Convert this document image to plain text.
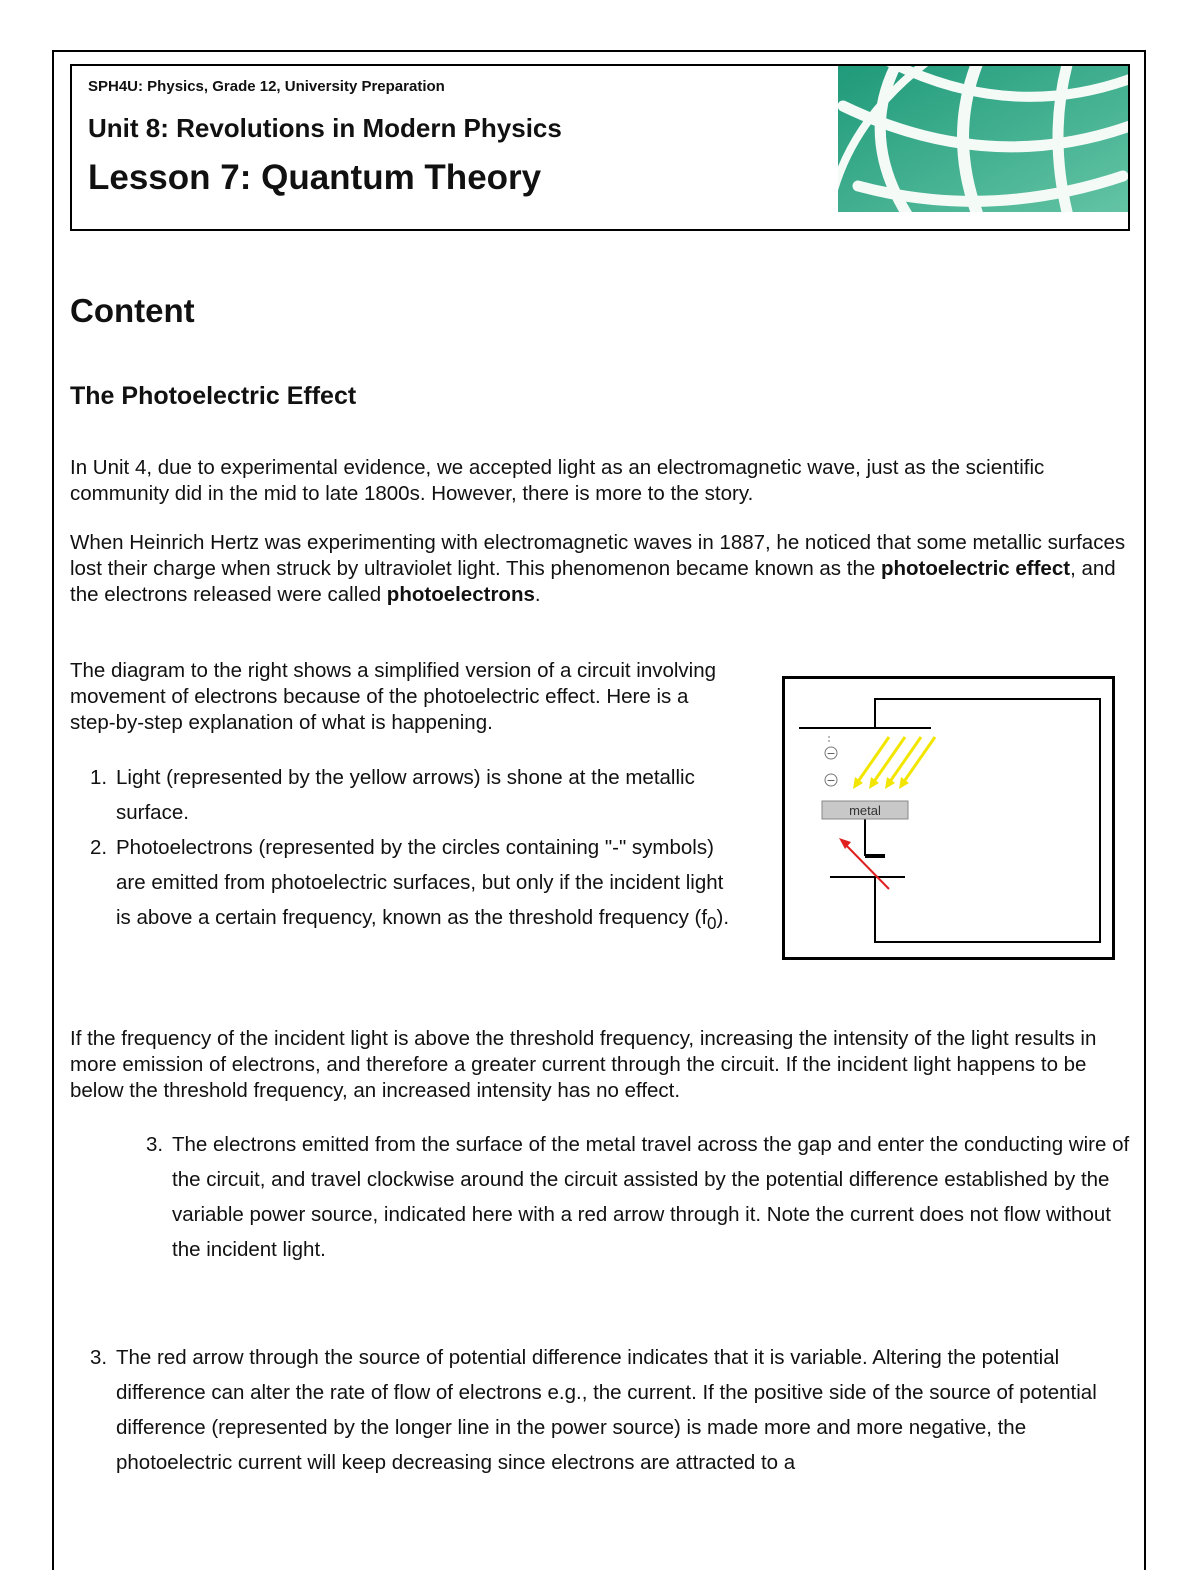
SPH4U: Physics, Grade 12, University Preparation
Unit 8: Revolutions in Modern Physics
Lesson 7: Quantum Theory
Content
The Photoelectric Effect

In Unit 4, due to experimental evidence, we accepted light as an electromagnetic wave, just as the scientific community did in the mid to late 1800s. However, there is more to the story.

When Heinrich Hertz was experimenting with electromagnetic waves in 1887, he noticed that some metallic surfaces lost their charge when struck by ultraviolet light. This phenomenon became known as the photoelectric effect, and the electrons released were called photoelectrons.

The diagram to the right shows a simplified version of a circuit involving movement of electrons because of the photoelectric effect. Here is a step-by-step explanation of what is happening.

1. Light (represented by the yellow arrows) is shone at the metallic surface.
2. Photoelectrons (represented by the circles containing "-" symbols) are emitted from photoelectric surfaces, but only if the incident light is above a certain frequency, known as the threshold frequency $(f_0)$.
metal
−
−

If the frequency of the incident light is above the threshold frequency, increasing the intensity of the light results in more emission of electrons, and therefore a greater current through the circuit. If the incident light happens to be below the threshold frequency, an increased intensity has no effect.

3. The electrons emitted from the surface of the metal travel across the gap and enter the conducting wire of the circuit, and travel clockwise around the circuit assisted by the potential difference established by the variable power source, indicated here with a red arrow through it. Note the current does not flow without the incident light.
3. The red arrow through the source of potential difference indicates that it is variable. Altering the potential difference can alter the rate of flow of electrons e.g., the current. If the positive side of the source of potential difference (represented by the longer line in the power source) is made more and more negative, the photoelectric current will keep decreasing since electrons are attracted to a
